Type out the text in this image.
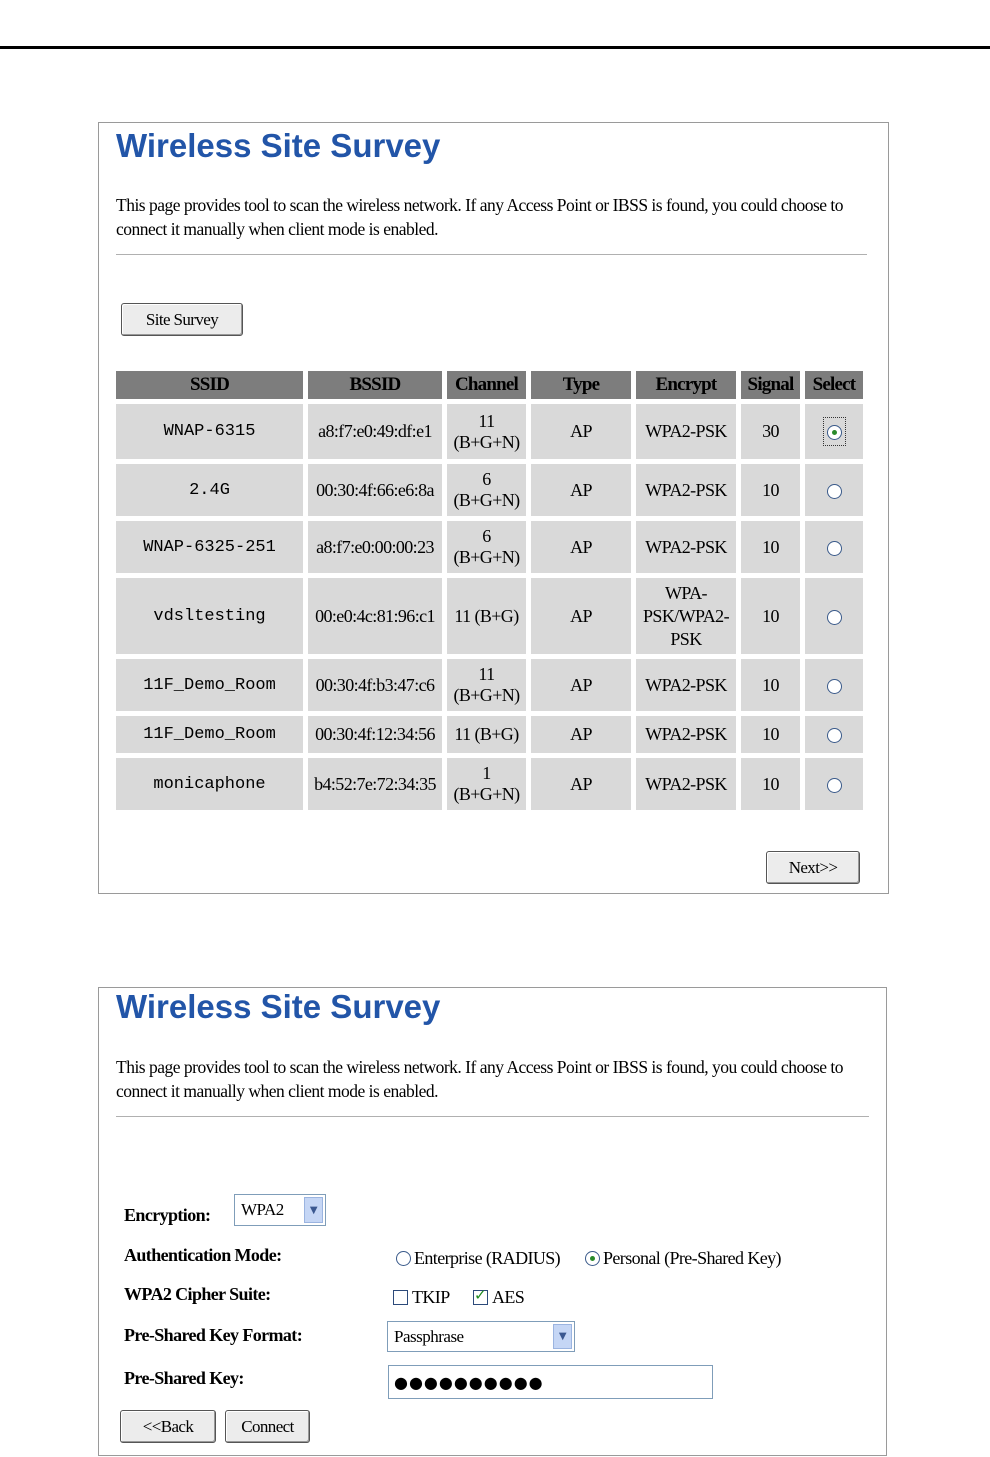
Wireless Site Survey

This page provides tool to scan the wireless network. If any Access Point or IBSS is found, you could choose to connect it manually when client mode is enabled.

Site Survey
SSID	BSSID	Channel	Type	Encrypt	Signal	Select
WNAP-6315	a8:f7:e0:49:df:e1	11
(B+G+N)	AP	WPA2-PSK	30	
2.4G	00:30:4f:66:e6:8a	6
(B+G+N)	AP	WPA2-PSK	10	
WNAP-6325-251	a8:f7:e0:00:00:23	6
(B+G+N)	AP	WPA2-PSK	10	
vdsltesting	00:e0:4c:81:96:c1	11 (B+G)	AP	WPA-
PSK/WPA2-
PSK	10	
11F_Demo_Room	00:30:4f:b3:47:c6	11
(B+G+N)	AP	WPA2-PSK	10	
11F_Demo_Room	00:30:4f:12:34:56	11 (B+G)	AP	WPA2-PSK	10	
monicaphone	b4:52:7e:72:34:35	1
(B+G+N)	AP	WPA2-PSK	10	
Next>>
Wireless Site Survey

This page provides tool to scan the wireless network. If any Access Point or IBSS is found, you could choose to connect it manually when client mode is enabled.

Encryption: WPA2	▼
Authentication Mode:	Enterprise (RADIUS) Personal (Pre-Shared Key)
WPA2 Cipher Suite:	TKIP ✓ AES
Pre-Shared Key Format:	Passphrase	▼
Pre-Shared Key:	●●●●●●●●●●
<<Back	Connect
